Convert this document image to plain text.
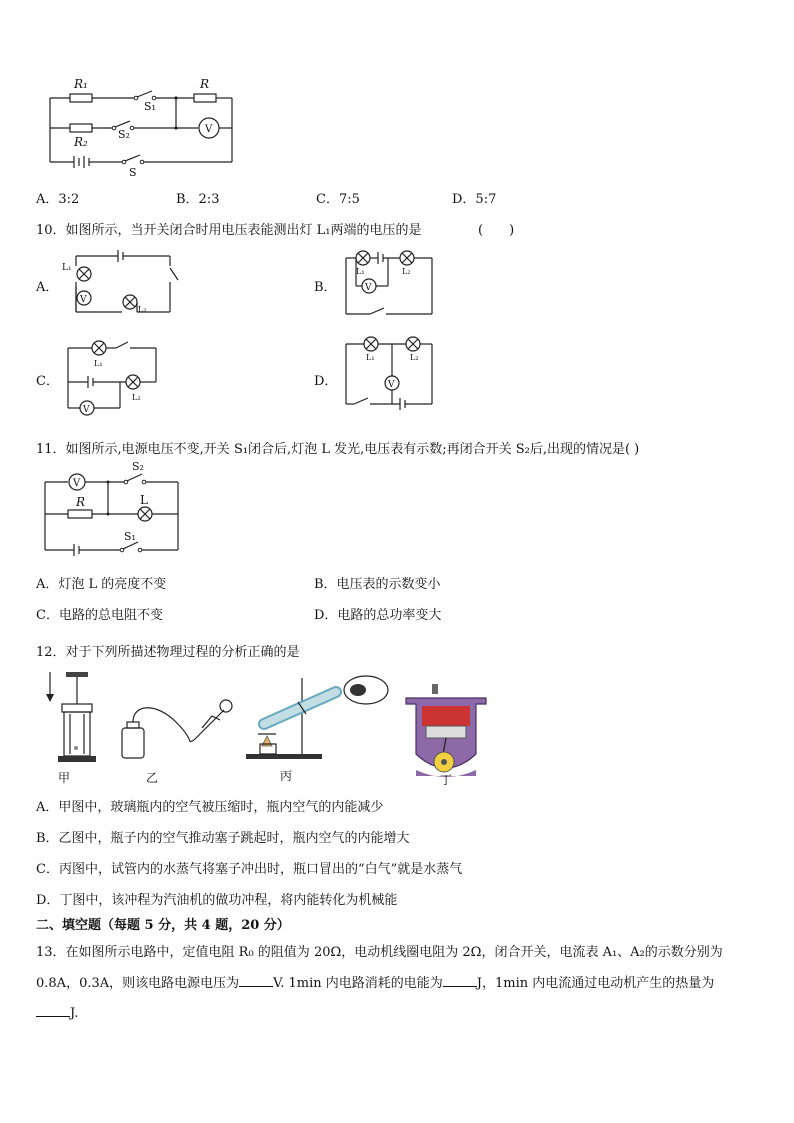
R₁
S₁
R
R₂
S₂	V
S
A．3:2	B．2:3	C．7:5	D．5:7
10．如图所示，当开关闭合时用电压表能测出灯 L₁两端的电压的是	(　　)
A．
V
L₁
L₂
B．	V
L₁	L₂
C．
V
L₁
L₂
D．	V
L₁	L₂
11．如图所示,电源电压不变,开关 S₁闭合后,灯泡 L 发光,电压表有示数;再闭合开关 S₂后,出现的情况是( )
V
S₂
R	L
S₁
A．灯泡 L 的亮度不变	B．电压表的示数变小
C．电路的总电阻不变	D．电路的总功率变大
12．对于下列所描述物理过程的分析正确的是
甲	乙	丙	丁
A．甲图中，玻璃瓶内的空气被压缩时，瓶内空气的内能减少
B．乙图中，瓶子内的空气推动塞子跳起时，瓶内空气的内能增大
C．丙图中，试管内的水蒸气将塞子冲出时，瓶口冒出的“白气”就是水蒸气
D．丁图中，该冲程为汽油机的做功冲程，将内能转化为机械能
二、填空题（每题 5 分，共 4 题，20 分）
13．在如图所示电路中，定值电阻 R₀ 的阻值为 20Ω，电动机线圈电阻为 2Ω，闭合开关，电流表 A₁、A₂的示数分别为
0.8A，0.3A，则该电路电源电压为	V. 1min 内电路消耗的电能为	J，1min 内电流通过电动机产生的热量为
J.
